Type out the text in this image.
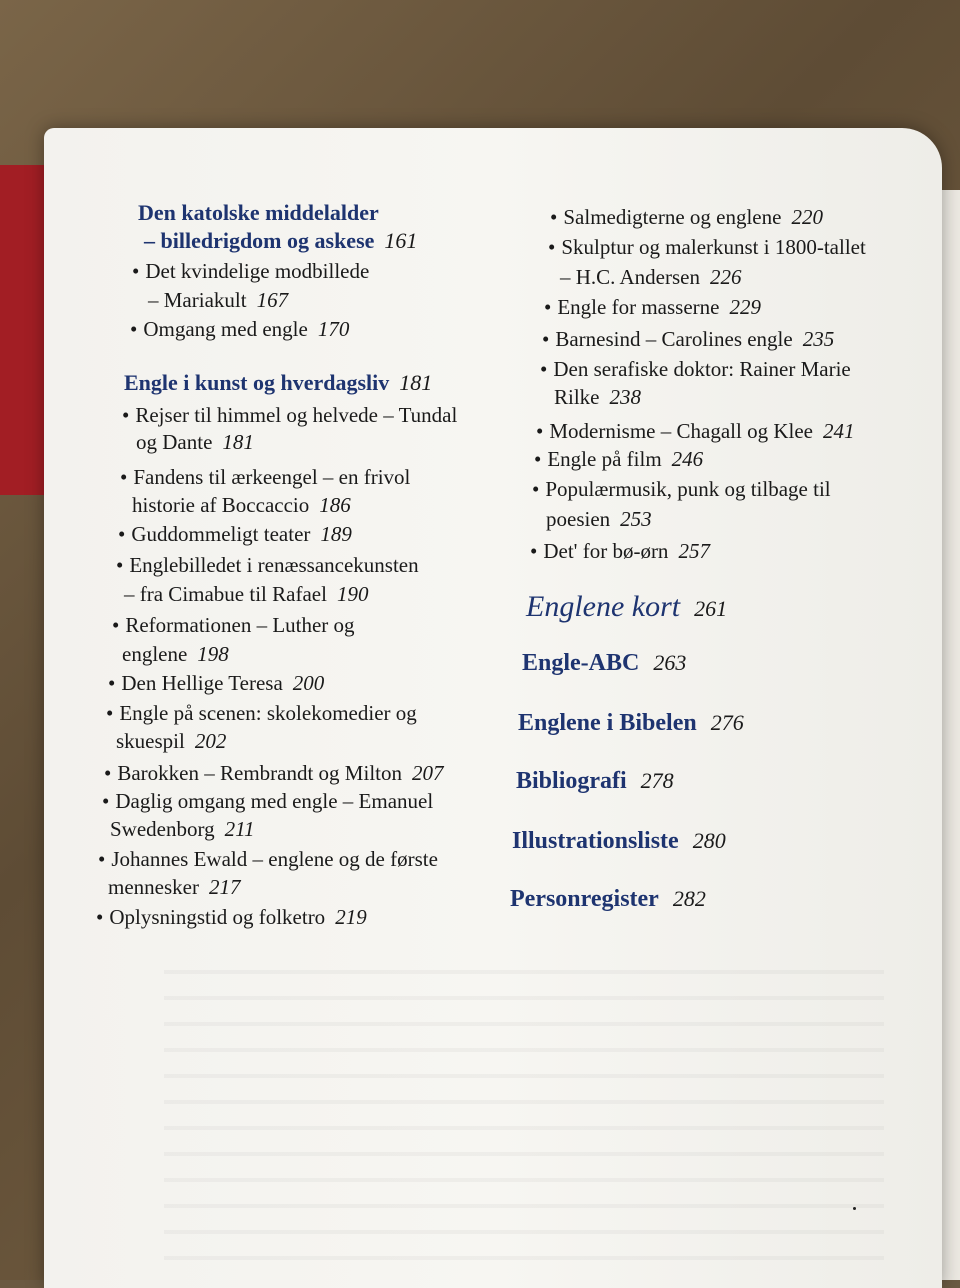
Den katolske middelalder
– billedrigdom og askese 161
• Det kvindelige modbillede
– Mariakult 167
• Omgang med engle 170
Engle i kunst og hverdagsliv 181
• Rejser til himmel og helvede – Tundal
og Dante 181
• Fandens til ærkeengel – en frivol
historie af Boccaccio 186
• Guddommeligt teater 189
• Englebilledet i renæssancekunsten
– fra Cimabue til Rafael 190
• Reformationen – Luther og
englene 198
• Den Hellige Teresa 200
• Engle på scenen: skolekomedier og
skuespil 202
• Barokken – Rembrandt og Milton 207
• Daglig omgang med engle – Emanuel
Swedenborg 211
• Johannes Ewald – englene og de første
mennesker 217
• Oplysningstid og folketro 219
• Salmedigterne og englene 220
• Skulptur og malerkunst i 1800-tallet
– H.C. Andersen 226
• Engle for masserne 229
• Barnesind – Carolines engle 235
• Den serafiske doktor: Rainer Marie
Rilke 238
• Modernisme – Chagall og Klee 241
• Engle på film 246
• Populærmusik, punk og tilbage til
poesien 253
• Det' for bø-ørn 257
Englene kort 261
Engle-ABC 263
Englene i Bibelen 276
Bibliografi 278
Illustrationsliste 280
Personregister 282
